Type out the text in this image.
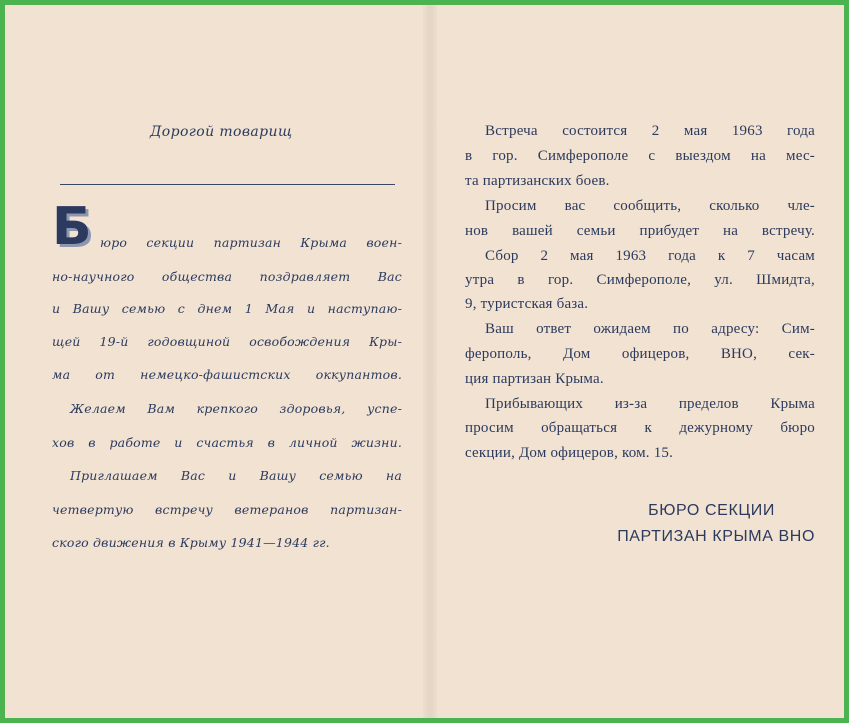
Дорогой товарищ
Б юро секции партизан Крыма воен-
но-научного общества поздравляет Вас
и Вашу семью с днем 1 Мая и наступаю-
щей 19-й годовщиной освобождения Кры-
ма от немецко-фашистских оккупантов.
Желаем Вам крепкого здоровья, успе-
хов в работе и счастья в личной жизни.
Приглашаем Вас и Вашу семью на
четвертую встречу ветеранов партизан-
ского движения в Крыму 1941—1944 гг.
Встреча состоится 2 мая 1963 года
в гор. Симферополе с выездом на мес-
та партизанских боев.
Просим вас сообщить, сколько чле-
нов вашей семьи прибудет на встречу.
Сбор 2 мая 1963 года к 7 часам
утра в гор. Симферополе, ул. Шмидта,
9, туристская база.
Ваш ответ ожидаем по адресу: Сим-
ферополь, Дом офицеров, ВНО, сек-
ция партизан Крыма.
Прибывающих из-за пределов Крыма
просим обращаться к дежурному бюро
секции, Дом офицеров, ком. 15.
БЮРО СЕКЦИИ
ПАРТИЗАН КРЫМА ВНО
